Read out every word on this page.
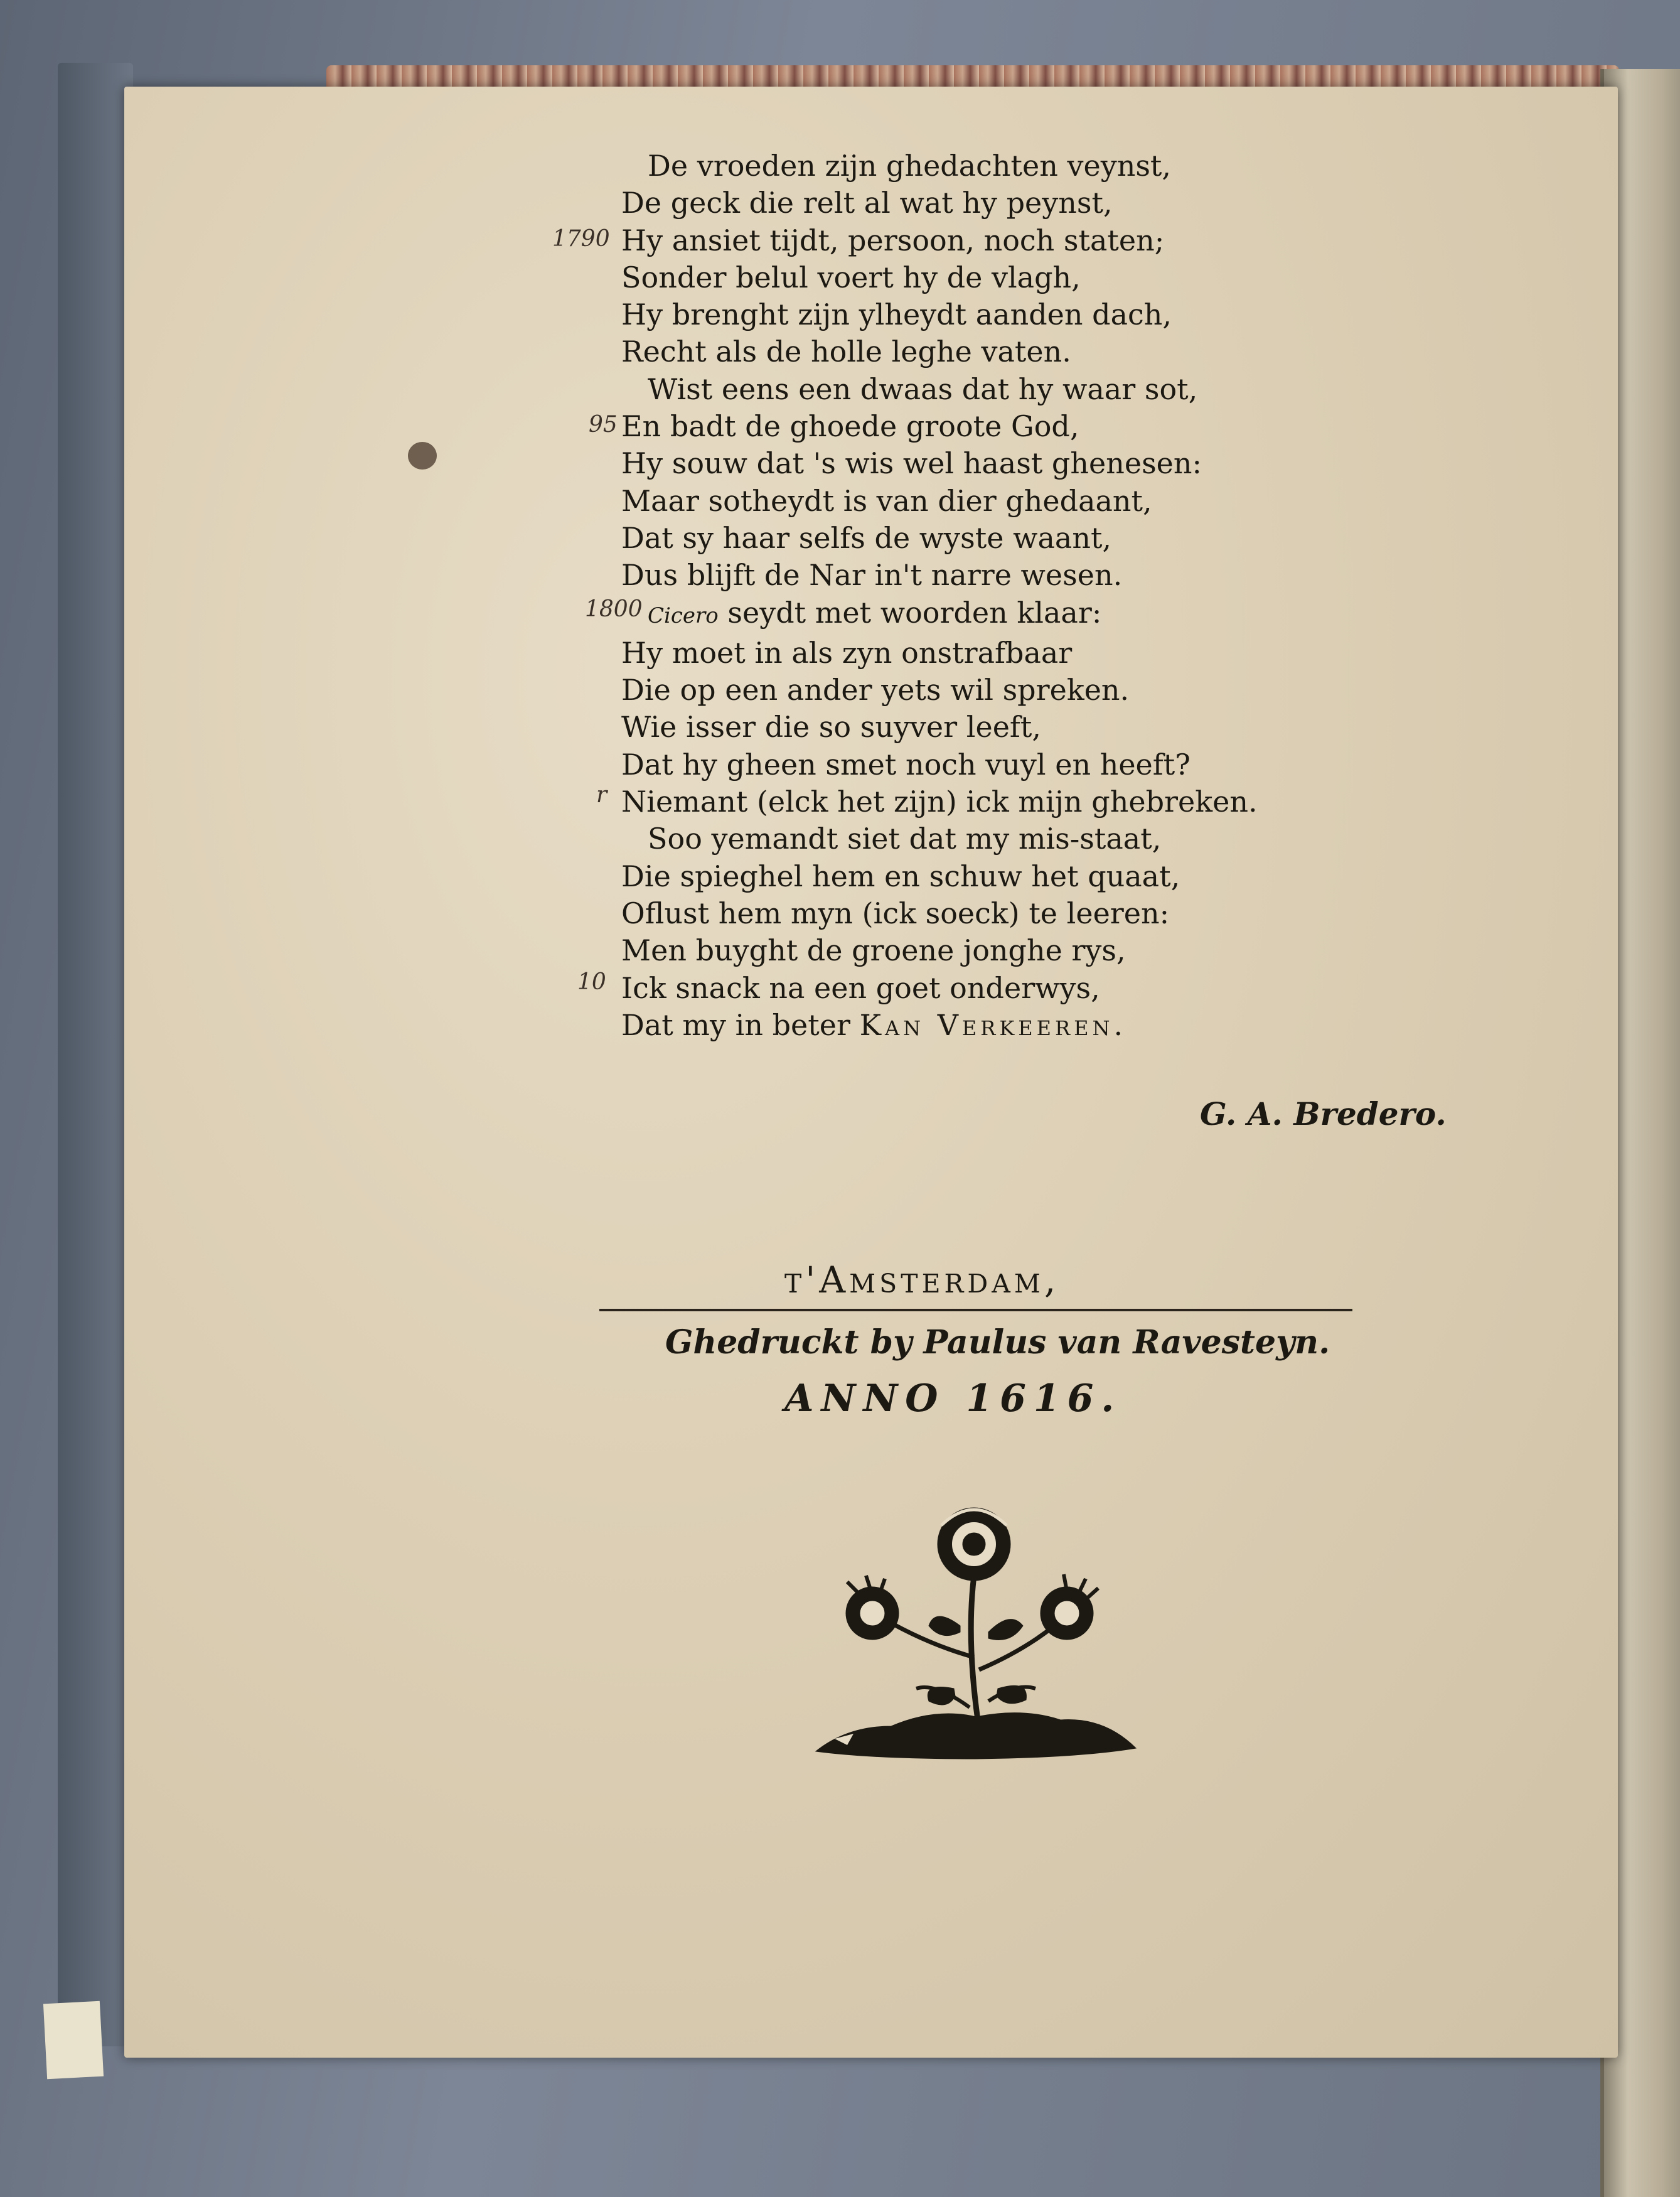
De vroeden zijn ghedachten veynst,
De geck die relt al wat hy peynst,
Hy ansiet tijdt, persoon, noch staten;
Sonder belul voert hy de vlagh,
Hy brenght zijn ylheydt aanden dach,
Recht als de holle leghe vaten.
Wist eens een dwaas dat hy waar sot,
En badt de ghoede groote God,
Hy souw dat 's wis wel haast ghenesen:
Maar sotheydt is van dier ghedaant,
Dat sy haar selfs de wyste waant,
Dus blijft de Nar in't narre wesen.
Cicero seydt met woorden klaar:
Hy moet in als zyn onstrafbaar
Die op een ander yets wil spreken.
Wie isser die so suyver leeft,
Dat hy gheen smet noch vuyl en heeft?
Niemant (elck het zijn) ick mijn ghebreken.
Soo yemandt siet dat my mis-staat,
Die spieghel hem en schuw het quaat,
Oflust hem myn (ick soeck) te leeren:
Men buyght de groene jonghe rys,
Ick snack na een goet onderwys,
Dat my in beter Kan Verkeeren.
1790
95
1800
r
10
G. A. Bredero.
t'Amsterdam,
Ghedruckt by Paulus van Ravesteyn.
ANNO 1616.
